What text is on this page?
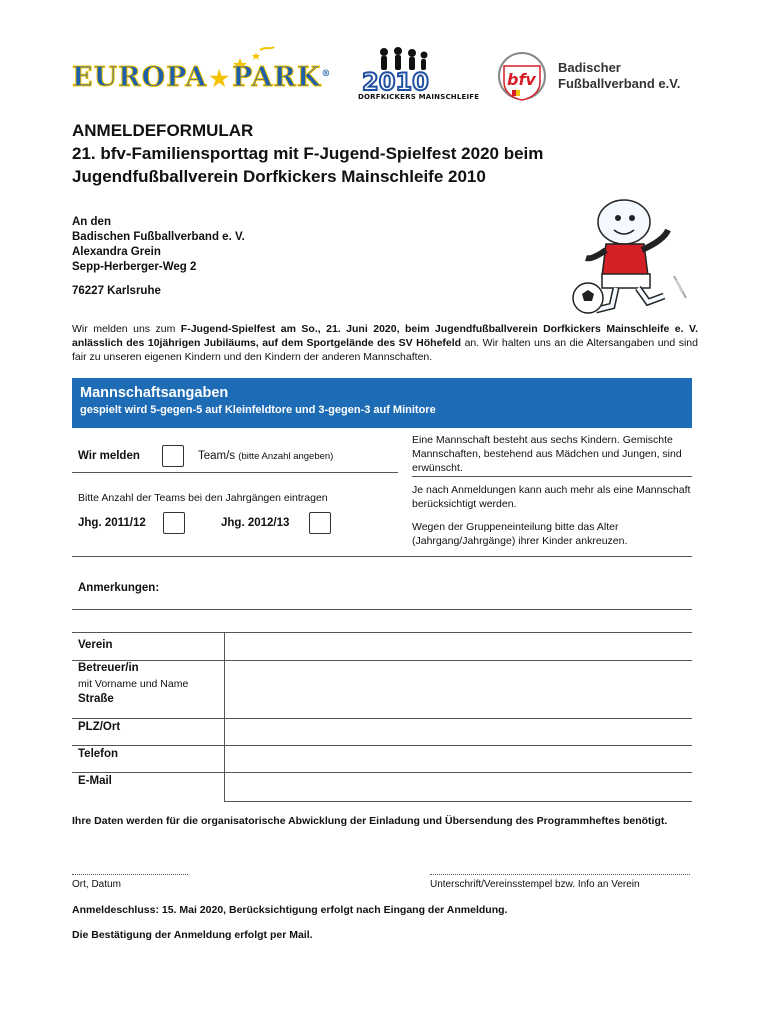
EUROPA★PARK® 2010
DORFKICKERS MAINSCHLEIFE
bfv
Badischer
Fußballverband e.V.
ANMELDEFORMULAR
21. bfv-Familiensporttag mit F-Jugend-Spielfest 2020 beim
Jugendfußballverein Dorfkickers Mainschleife 2010
An den
Badischen Fußballverband e. V.
Alexandra Grein
Sepp-Herberger-Weg 2
76227 Karlsruhe
Wir melden uns zum F-Jugend-Spielfest am So., 21. Juni 2020, beim Jugendfußballverein Dorfkickers Mainschleife e. V. anlässlich des 10jährigen Jubiläums, auf dem Sportgelände des SV Höhefeld an. Wir halten uns an die Altersangaben und sind fair zu unseren eigenen Kindern und den Kindern der anderen Mannschaften.
Mannschaftsangaben
gespielt wird 5-gegen-5 auf Kleinfeldtore und 3-gegen-3 auf Minitore
Wir melden	Team/s (bitte Anzahl angeben)
Bitte Anzahl der Teams bei den Jahrgängen eintragen
Jhg. 2011/12	Jhg. 2012/13
Eine Mannschaft besteht aus sechs Kindern. Gemischte Mannschaften, bestehend aus Mädchen und Jungen, sind erwünscht.
Je nach Anmeldungen kann auch mehr als eine Mannschaft berücksichtigt werden.
Wegen der Gruppeneinteilung bitte das Alter (Jahrgang/Jahrgänge) ihrer Kinder ankreuzen.
Anmerkungen:
Verein
Betreuer/in
mit Vorname und Name
Straße
PLZ/Ort
Telefon
E-Mail
Ihre Daten werden für die organisatorische Abwicklung der Einladung und Übersendung des Programmheftes benötigt.
Ort, Datum	Unterschrift/Vereinsstempel bzw. Info an Verein
Anmeldeschluss: 15. Mai 2020, Berücksichtigung erfolgt nach Eingang der Anmeldung.
Die Bestätigung der Anmeldung erfolgt per Mail.
